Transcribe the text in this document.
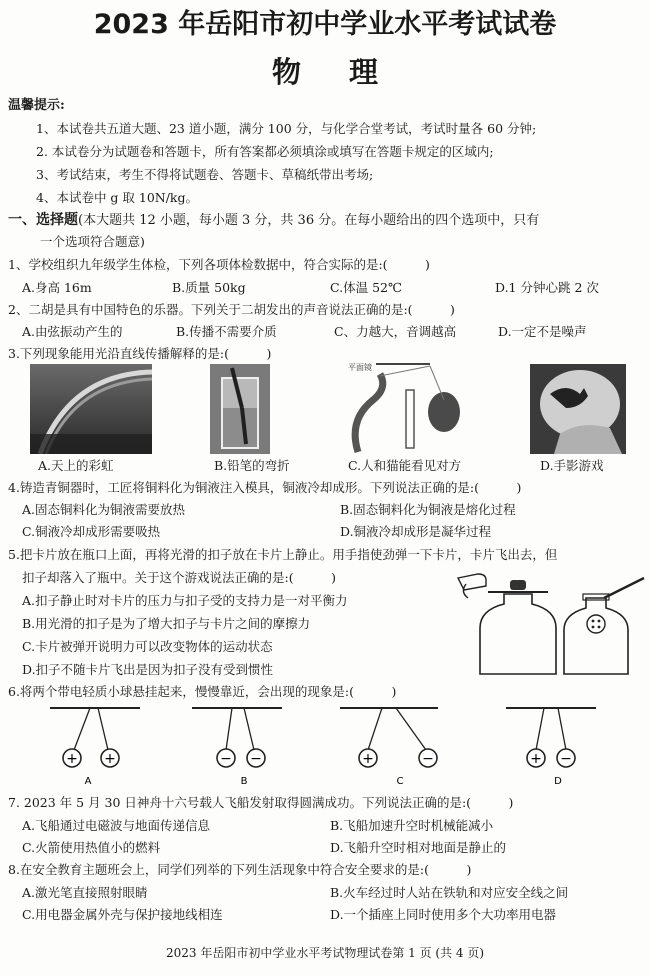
2023 年岳阳市初中学业水平考试试卷
物理
温馨提示:
1、本试卷共五道大题、23 道小题，满分 100 分，与化学合堂考试，考试时量各 60 分钟;
2. 本试卷分为试题卷和答题卡，所有答案都必须填涂或填写在答题卡规定的区域内;
3、考试结束，考生不得将试题卷、答题卡、草稿纸带出考场;
4、本试卷中 g 取 10N/kg。
一、选择题(本大题共 12 小题，每小题 3 分，共 36 分。在每小题给出的四个选项中，只有
一个选项符合题意)
1、学校组织九年级学生体检，下列各项体检数据中，符合实际的是:(　　　)
A.身高 16m	B.质量 50kg	C.体温 52℃	D.1 分钟心跳 2 次
2、二胡是具有中国特色的乐器。下列关于二胡发出的声音说法正确的是:(　　　)
A.由弦振动产生的	B.传播不需要介质	C、力越大，音调越高	D.一定不是噪声
3.下列现象能用光沿直线传播解释的是:(　　　)
平面镜
A.天上的彩虹	B.铅笔的弯折	C.人和猫能看见对方	D.手影游戏
4.铸造青铜器时，工匠将铜料化为铜液注入模具，铜液冷却成形。下列说法正确的是:(　　　)
A.固态铜料化为铜液需要放热	B.固态铜料化为铜液是熔化过程
C.铜液冷却成形需要吸热	D.铜液冷却成形是凝华过程
5.把卡片放在瓶口上面，再将光滑的扣子放在卡片上静止。用手指使劲弹一下卡片，卡片飞出去，但
扣子却落入了瓶中。关于这个游戏说法正确的是:(　　　)
A.扣子静止时对卡片的压力与扣子受的支持力是一对平衡力
B.用光滑的扣子是为了增大扣子与卡片之间的摩擦力
C.卡片被弹开说明力可以改变物体的运动状态
D.扣子不随卡片飞出是因为扣子没有受到惯性
6.将两个带电轻质小球悬挂起来，慢慢靠近，会出现的现象是:(　　　)
+ +
A
− −
B
+	−
C
+ −
D
7. 2023 年 5 月 30 日神舟十六号载人飞船发射取得圆满成功。下列说法正确的是:(　　　)
A.飞船通过电磁波与地面传递信息	B.飞船加速升空时机械能减小
C.火箭使用热值小的燃料	D.飞船升空时相对地面是静止的
8.在安全教育主题班会上，同学们列举的下列生活现象中符合安全要求的是:(　　　)
A.激光笔直接照射眼睛	B.火车经过时人站在铁轨和对应安全线之间
C.用电器金属外壳与保护接地线相连	D.一个插座上同时使用多个大功率用电器
2023 年岳阳市初中学业水平考试物理试卷第 1 页 (共 4 页)
